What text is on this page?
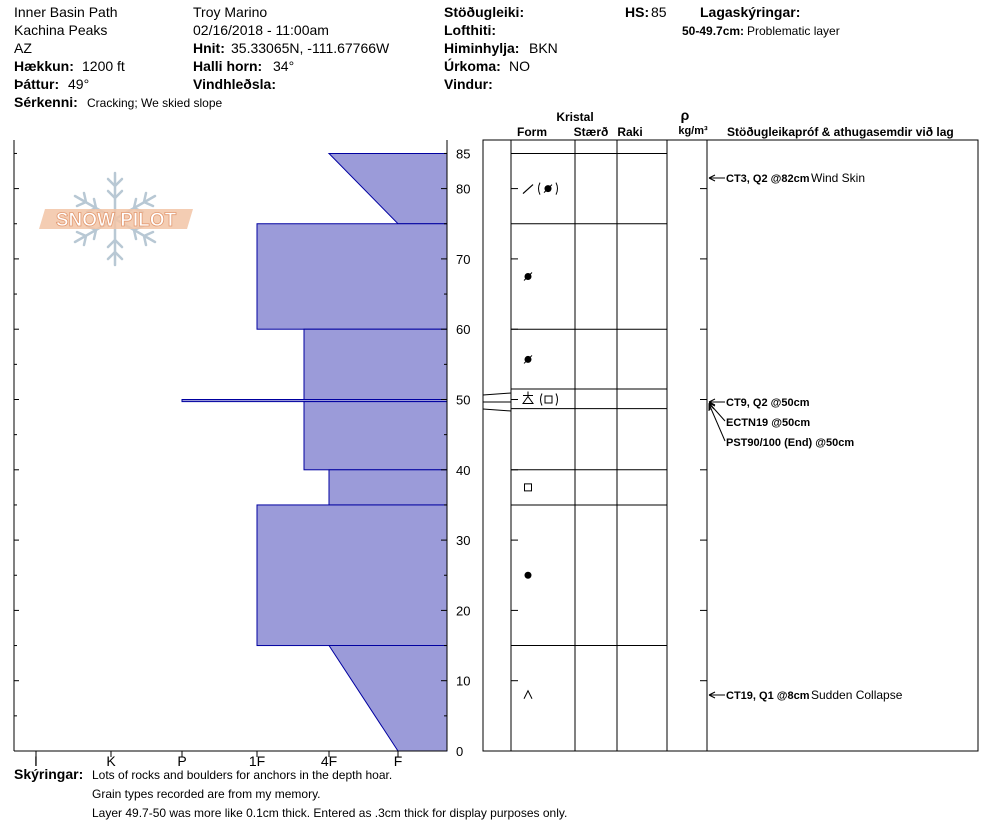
Inner Basin Path
Kachina Peaks
AZ
Hækkun: 1200 ft
Þáttur: 49°
Sérkenni: Cracking; We skied slope
Troy Marino
02/16/2018 - 11:00am
Hnit: 35.33065N, -111.67766W
Halli horn: 34°
Vindhleðsla:
Stöðugleiki:
Lofthiti:
Himinhylja: BKN
Úrkoma: NO
Vindur:
HS: 85 Lagaskýringar:
50-49.7cm: Problematic layer
0
10
20
30
40
50
60
70
80
85
I	K	P	1F	4F	F
SNOW PILOT
Kristal
Form Stærð Raki
ρ
kg/m³ Stöðugleikapróf & athugasemdir við lag
CT3, Q2 @82cm Wind Skin
CT9, Q2 @50cm
ECTN19 @50cm
PST90/100 (End) @50cm
CT19, Q1 @8cm Sudden Collapse
Skýringar: Lots of rocks and boulders for anchors in the depth hoar.
Grain types recorded are from my memory.
Layer 49.7-50 was more like 0.1cm thick. Entered as .3cm thick for display purposes only.
